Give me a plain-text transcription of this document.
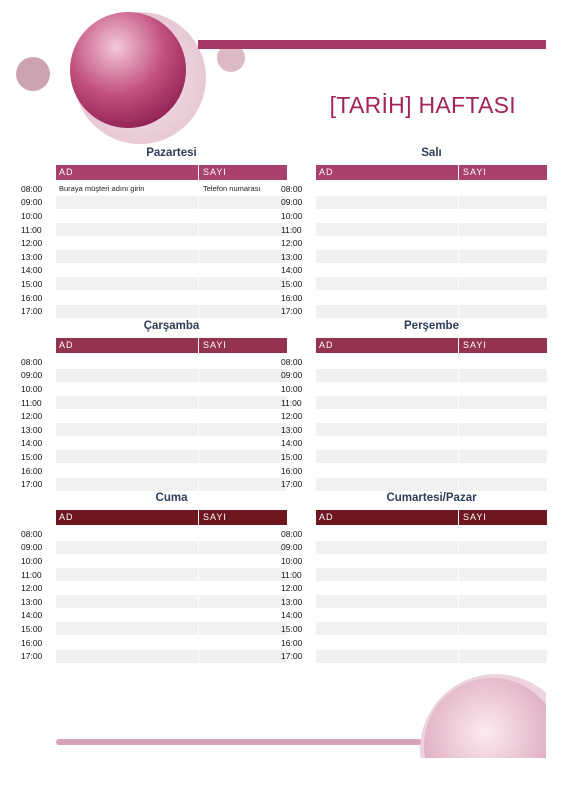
[TARİH] HAFTASI
Pazartesi
AD	SAYI
08:00	Buraya müşteri adını girin	Telefon numarası
09:00
10:00
11:00
12:00
13:00
14:00
15:00
16:00
17:00
Salı
AD	SAYI
08:00
09:00
10:00
11:00
12:00
13:00
14:00
15:00
16:00
17:00
Çarşamba
AD	SAYI
08:00
09:00
10:00
11:00
12:00
13:00
14:00
15:00
16:00
17:00
Perşembe
AD	SAYI
08:00
09:00
10:00
11:00
12:00
13:00
14:00
15:00
16:00
17:00
Cuma
AD	SAYI
08:00
09:00
10:00
11:00
12:00
13:00
14:00
15:00
16:00
17:00
Cumartesi/Pazar
AD	SAYI
08:00
09:00
10:00
11:00
12:00
13:00
14:00
15:00
16:00
17:00
